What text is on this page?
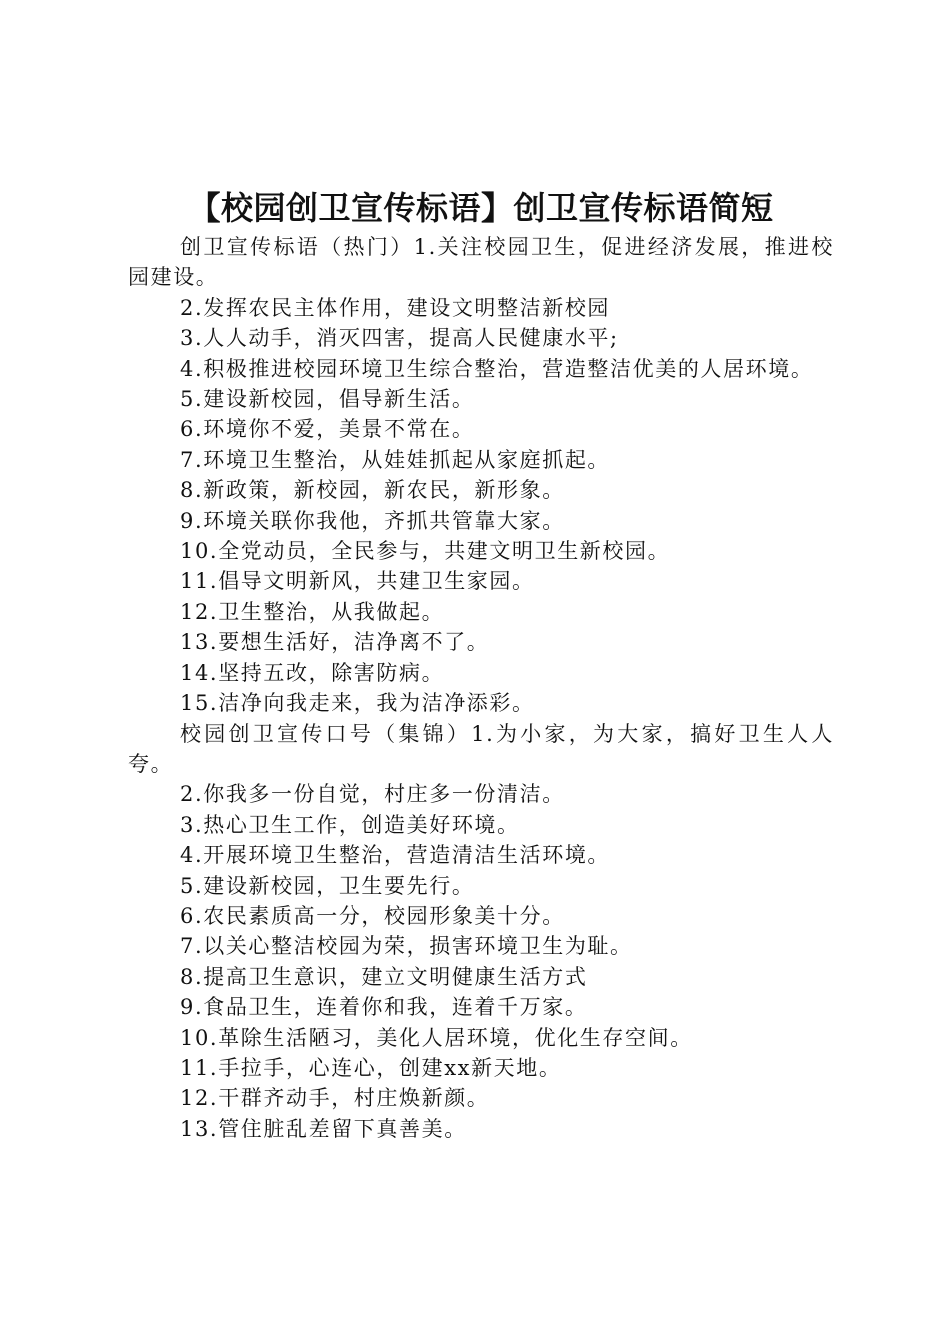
【校园创卫宣传标语】创卫宣传标语简短

创卫宣传标语（热门）1.关注校园卫生，促进经济发展，推进校园建设。

2.发挥农民主体作用，建设文明整洁新校园

3.人人动手，消灭四害，提高人民健康水平;

4.积极推进校园环境卫生综合整治，营造整洁优美的人居环境。

5.建设新校园，倡导新生活。

6.环境你不爱，美景不常在。

7.环境卫生整治，从娃娃抓起从家庭抓起。

8.新政策，新校园，新农民，新形象。

9.环境关联你我他，齐抓共管靠大家。

10.全党动员，全民参与，共建文明卫生新校园。

11.倡导文明新风，共建卫生家园。

12.卫生整治，从我做起。

13.要想生活好，洁净离不了。

14.坚持五改，除害防病。

15.洁净向我走来，我为洁净添彩。

校园创卫宣传口号（集锦）1.为小家，为大家，搞好卫生人人夸。

2.你我多一份自觉，村庄多一份清洁。

3.热心卫生工作，创造美好环境。

4.开展环境卫生整治，营造清洁生活环境。

5.建设新校园，卫生要先行。

6.农民素质高一分，校园形象美十分。

7.以关心整洁校园为荣，损害环境卫生为耻。

8.提高卫生意识，建立文明健康生活方式

9.食品卫生，连着你和我，连着千万家。

10.革除生活陋习，美化人居环境，优化生存空间。

11.手拉手，心连心，创建xx新天地。

12.干群齐动手，村庄焕新颜。

13.管住脏乱差留下真善美。
